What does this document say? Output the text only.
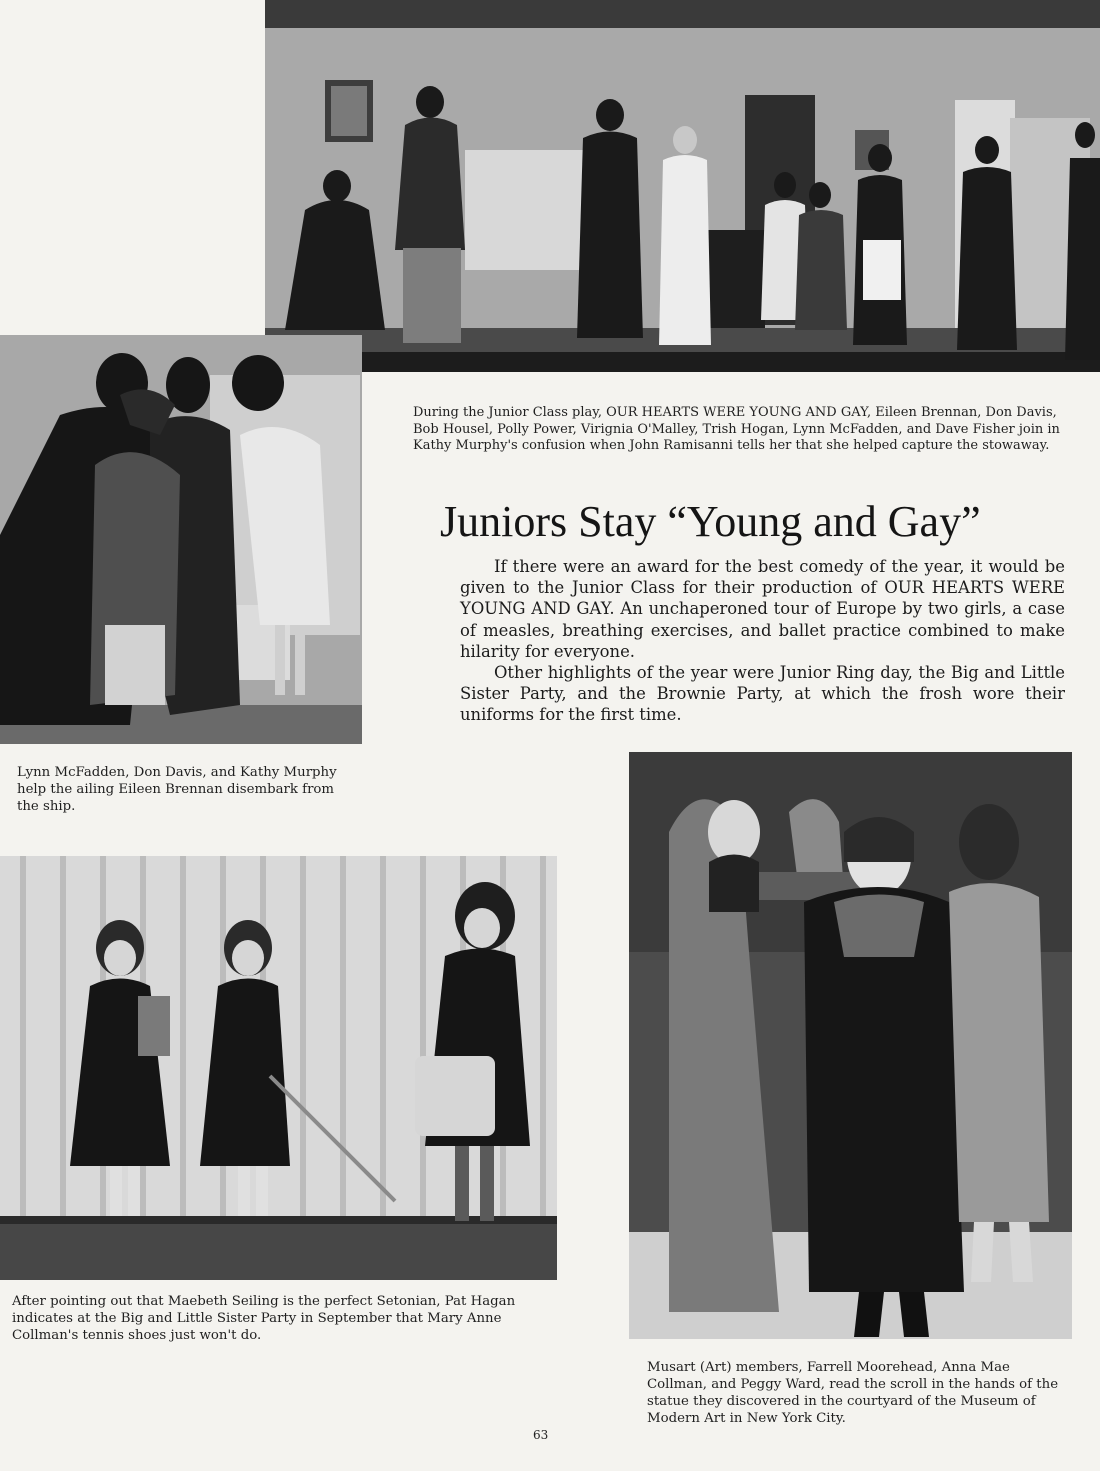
During the Junior Class play, OUR HEARTS WERE YOUNG AND GAY, Eileen Brennan, Don Davis, Bob Housel, Polly Power, Virignia O'Malley, Trish Hogan, Lynn McFadden, and Dave Fisher join in Kathy Murphy's confusion when John Ramisanni tells her that she helped capture the stowaway.

Juniors Stay “Young and Gay”

If there were an award for the best comedy of the year, it would be given to the Junior Class for their production of OUR HEARTS WERE YOUNG AND GAY. An unchaperoned tour of Europe by two girls, a case of measles, breathing exercises, and ballet practice combined to make hilarity for everyone.

Other highlights of the year were Junior Ring day, the Big and Little Sister Party, and the Brownie Party, at which the frosh wore their uniforms for the first time.

Lynn McFadden, Don Davis, and Kathy Murphy help the ailing Eileen Brennan disembark from the ship.

After pointing out that Maebeth Seiling is the perfect Setonian, Pat Hagan indicates at the Big and Little Sister Party in September that Mary Anne Collman's tennis shoes just won't do.

Musart (Art) members, Farrell Moorehead, Anna Mae Collman, and Peggy Ward, read the scroll in the hands of the statue they discovered in the courtyard of the Museum of Modern Art in New York City.

63
